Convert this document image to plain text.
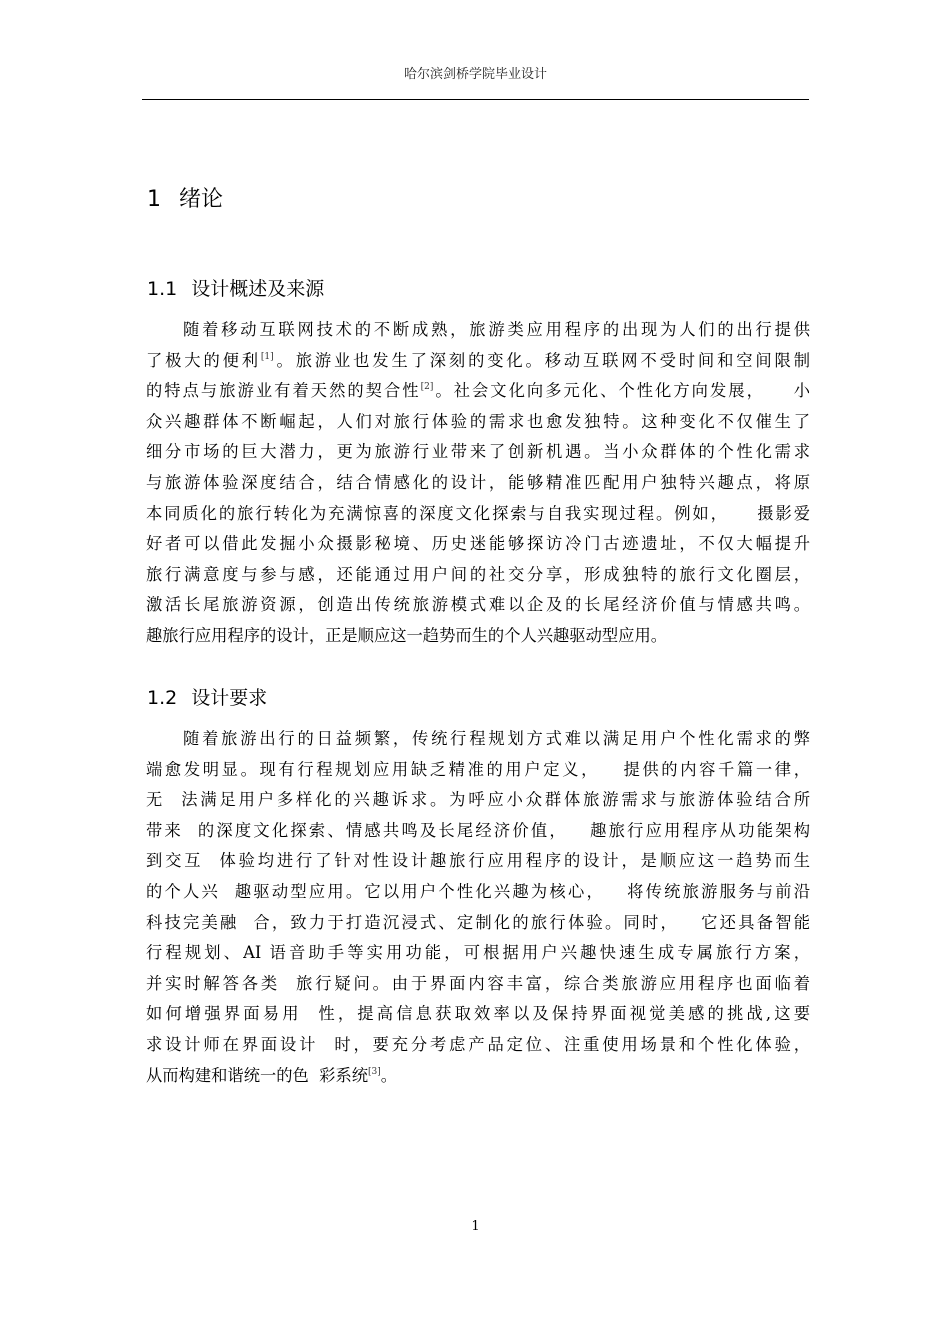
哈尔滨剑桥学院毕业设计
1 绪论
1.1 设计概述及来源
随着移动互联网技术的不断成熟，旅游类应用程序的出现为人们的出行提供
了极大的便利[1]。旅游业也发生了深刻的变化。移动互联网不受时间和空间限制
的特点与旅游业有着天然的契合性[2]。社会文化向多元化、个性化方向发展，    小
众兴趣群体不断崛起，人们对旅行体验的需求也愈发独特。这种变化不仅催生了
细分市场的巨大潜力，更为旅游行业带来了创新机遇。当小众群体的个性化需求
与旅游体验深度结合，结合情感化的设计，能够精准匹配用户独特兴趣点，将原
本同质化的旅行转化为充满惊喜的深度文化探索与自我实现过程。例如，    摄影爱
好者可以借此发掘小众摄影秘境、历史迷能够探访冷门古迹遗址，不仅大幅提升
旅行满意度与参与感，还能通过用户间的社交分享，形成独特的旅行文化圈层，
激活长尾旅游资源，创造出传统旅游模式难以企及的长尾经济价值与情感共鸣。
趣旅行应用程序的设计，正是顺应这一趋势而生的个人兴趣驱动型应用。
1.2 设计要求
随着旅游出行的日益频繁，传统行程规划方式难以满足用户个性化需求的弊
端愈发明显。现有行程规划应用缺乏精准的用户定义，   提供的内容千篇一律，
无  法满足用户多样化的兴趣诉求。为呼应小众群体旅游需求与旅游体验结合所
带来  的深度文化探索、情感共鸣及长尾经济价值，   趣旅行应用程序从功能架构
到交互  体验均进行了针对性设计趣旅行应用程序的设计，是顺应这一趋势而生
的个人兴  趣驱动型应用。它以用户个性化兴趣为核心，   将传统旅游服务与前沿
科技完美融  合，致力于打造沉浸式、定制化的旅行体验。同时，   它还具备智能
行程规划、AI 语音助手等实用功能，可根据用户兴趣快速生成专属旅行方案，
并实时解答各类  旅行疑问。由于界面内容丰富，综合类旅游应用程序也面临着
如何增强界面易用  性，提高信息获取效率以及保持界面视觉美感的挑战,这要
求设计师在界面设计  时，要充分考虑产品定位、注重使用场景和个性化体验，
从而构建和谐统一的色  彩系统[3]。
1
